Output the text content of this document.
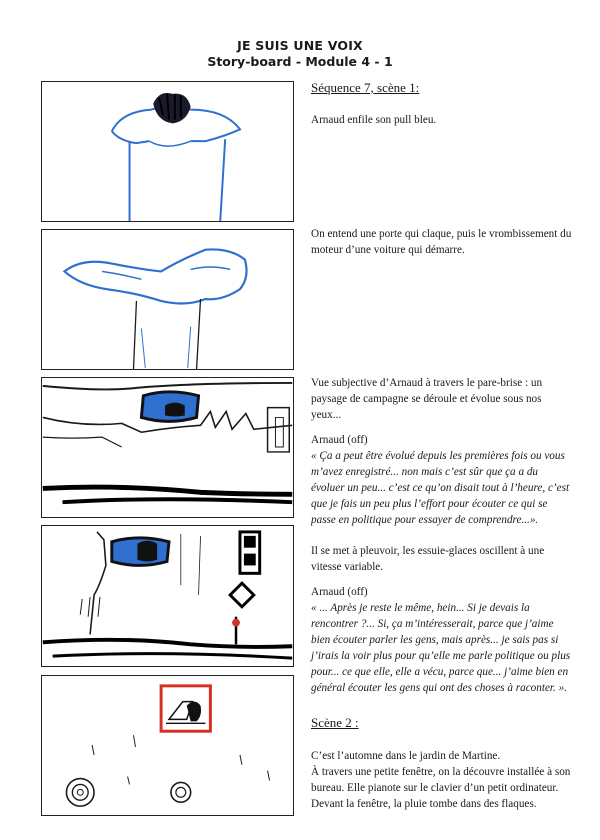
JE SUIS UNE VOIX
Story-board - Module 4 - 1

Séquence 7, scène 1:

Arnaud enfile son pull bleu.

On entend une porte qui claque, puis le vrombissement du moteur d’une voiture qui démarre.

Vue subjective d’Arnaud à travers le pare-brise : un paysage de campagne se déroule et évolue sous nos yeux...

Arnaud (off)

« Ça a peut être évolué depuis les premières fois ou vous m’avez enregistré... non mais c’est sûr que ça a du évoluer un peu... c’est ce qu’on disait tout à l’heure, c’est que je fais un peu plus l’effort pour écouter ce qui se passe en politique pour essayer de comprendre...».

Il se met à pleuvoir, les essuie-glaces oscillent à une vitesse variable.

Arnaud (off)

« ... Après je reste le même, hein... Si je devais la rencontrer ?... Si, ça m’intéresserait, parce que j’aime bien écouter parler les gens, mais après... je sais pas si j’irais la voir plus pour qu’elle me parle politique ou plus pour... ce que elle, elle a vécu, parce que... j’aime bien en général écouter les gens qui ont des choses à raconter. ».

Scène 2 :

C’est l’automne dans le jardin de Martine.

À travers une petite fenêtre, on la découvre installée à son bureau. Elle pianote sur le clavier d’un petit ordinateur.

Devant la fenêtre, la pluie tombe dans des flaques.
